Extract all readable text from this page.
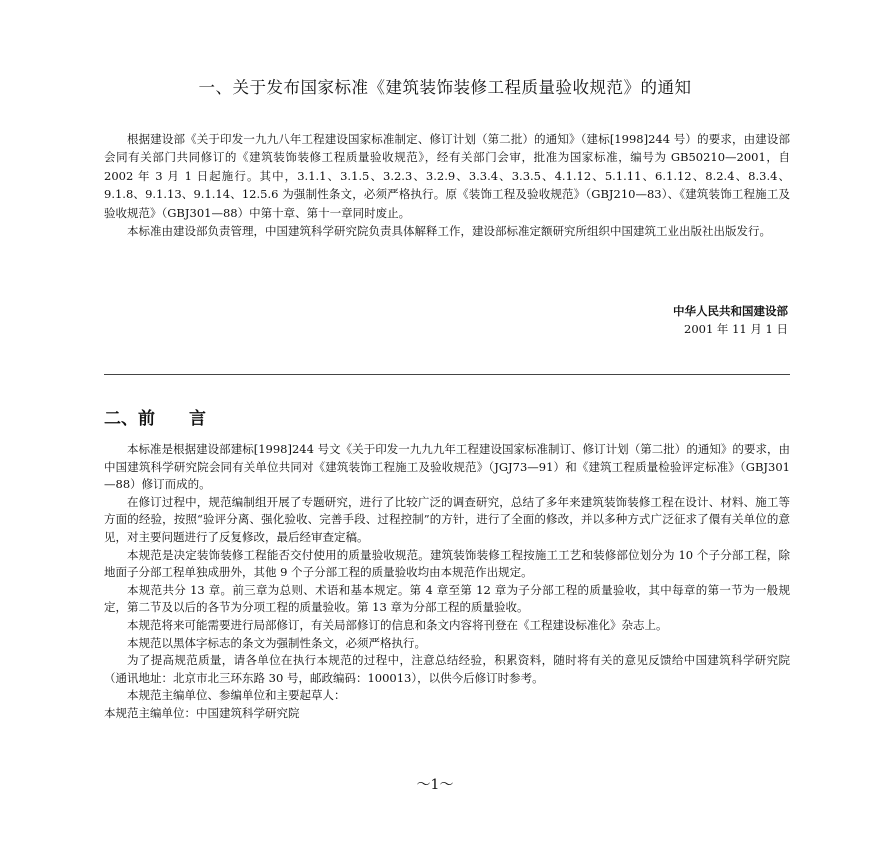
一、关于发布国家标准《建筑装饰装修工程质量验收规范》的通知

根据建设部《关于印发一九九八年工程建设国家标准制定、修订计划（第二批）的通知》（建标[1998]244 号）的要求，由建设部会同有关部门共同修订的《建筑装饰装修工程质量验收规范》，经有关部门会审，批准为国家标准，编号为 GB50210—2001，自 2002 年 3 月 1 日起施行。其中，3.1.1、3.1.5、3.2.3、3.2.9、3.3.4、3.3.5、4.1.12、5.1.11、6.1.12、8.2.4、8.3.4、9.1.8、9.1.13、9.1.14、12.5.6 为强制性条文，必须严格执行。原《装饰工程及验收规范》（GBJ210—83）、《建筑装饰工程施工及验收规范》（GBJ301—88）中第十章、第十一章同时废止。

本标准由建设部负责管理，中国建筑科学研究院负责具体解释工作，建设部标准定额研究所组织中国建筑工业出版社出版发行。

中华人民共和国建设部
2001 年 11 月 1 日
二、前　　言

本标准是根据建设部建标[1998]244 号文《关于印发一九九九年工程建设国家标准制订、修订计划（第二批）的通知》的要求，由中国建筑科学研究院会同有关单位共同对《建筑装饰工程施工及验收规范》（JGJ73—91）和《建筑工程质量检验评定标准》（GBJ301—88）修订而成的。

在修订过程中，规范编制组开展了专题研究，进行了比较广泛的调查研究，总结了多年来建筑装饰装修工程在设计、材料、施工等方面的经验，按照“验评分离、强化验收、完善手段、过程控制”的方针，进行了全面的修改，并以多种方式广泛征求了儇有关单位的意见，对主要问题进行了反复修改，最后经审查定稿。

本规范是决定装饰装修工程能否交付使用的质量验收规范。建筑装饰装修工程按施工工艺和装修部位划分为 10 个子分部工程，除地面子分部工程单独成册外，其他 9 个子分部工程的质量验收均由本规范作出规定。

本规范共分 13 章。前三章为总则、术语和基本规定。第 4 章至第 12 章为子分部工程的质量验收，其中每章的第一节为一般规定，第二节及以后的各节为分项工程的质量验收。第 13 章为分部工程的质量验收。

本规范将来可能需要进行局部修订，有关局部修订的信息和条文内容将刊登在《工程建设标准化》杂志上。

本规范以黑体字标志的条文为强制性条文，必须严格执行。

为了提高规范质量，请各单位在执行本规范的过程中，注意总结经验，积累资料，随时将有关的意见反馈给中国建筑科学研究院（通讯地址：北京市北三环东路 30 号，邮政编码：100013），以供今后修订时参考。

本规范主编单位、参编单位和主要起草人：

本规范主编单位：中国建筑科学研究院

～1～
